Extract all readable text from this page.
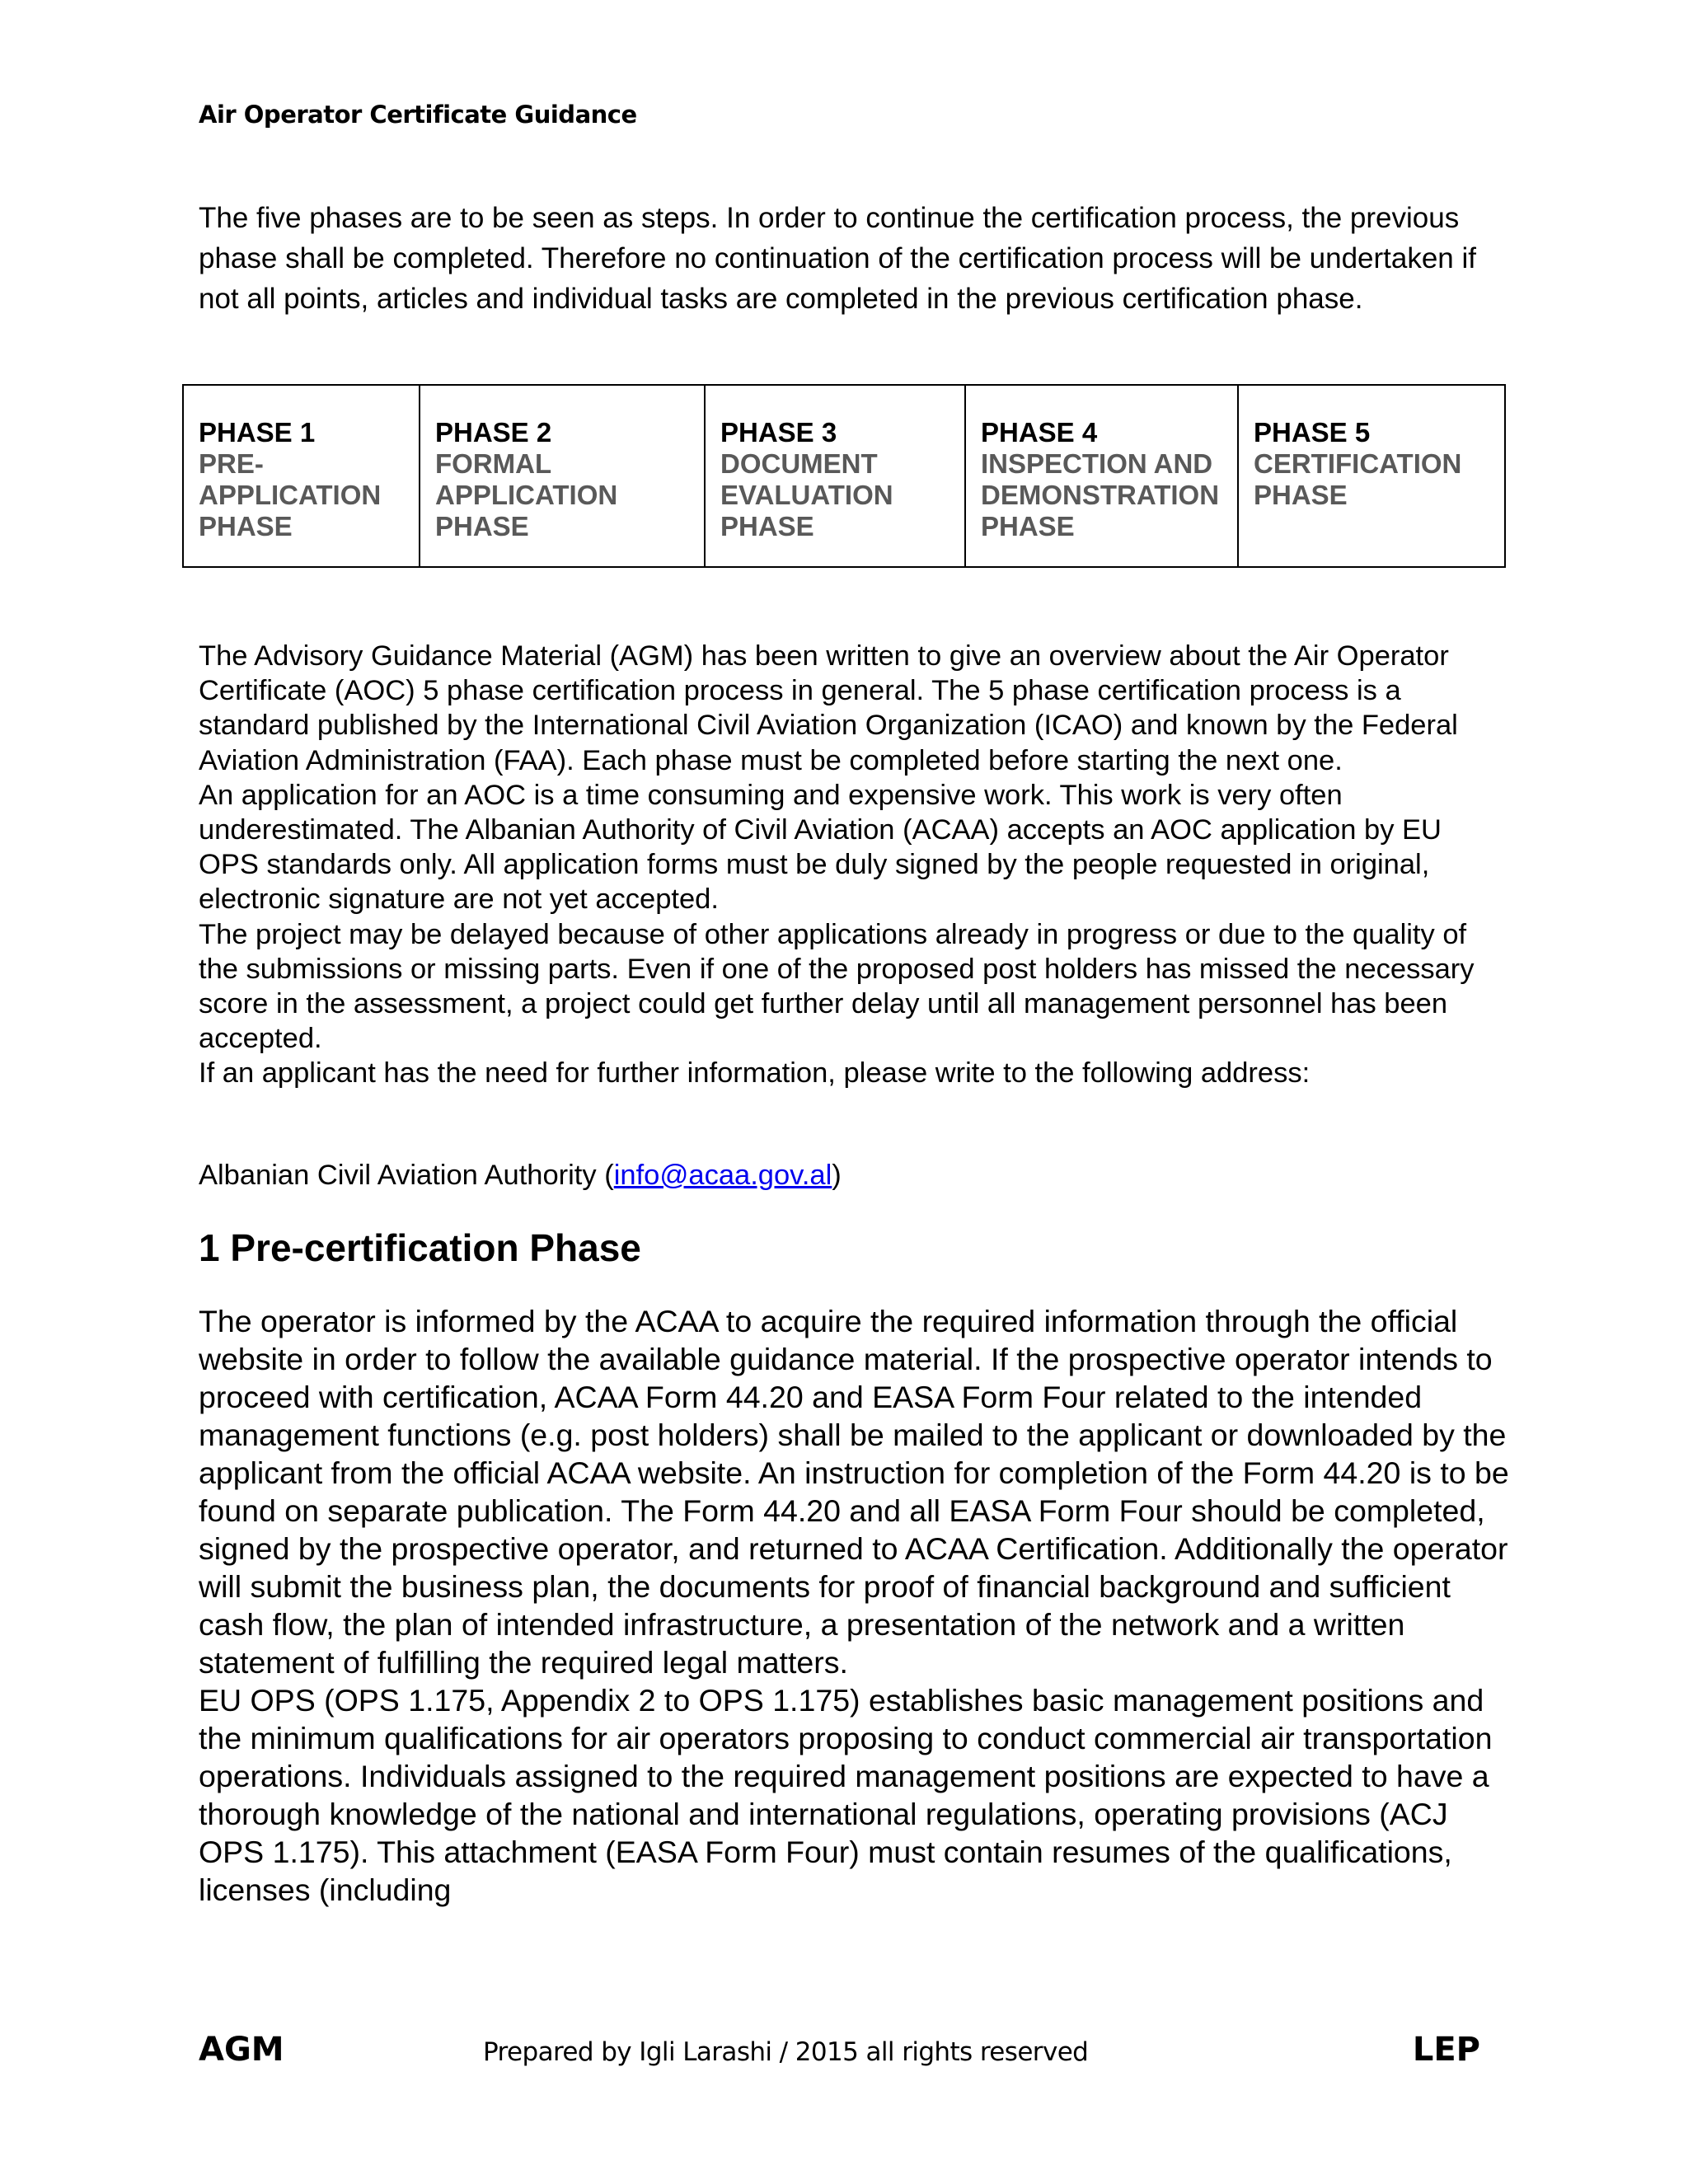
Air Operator Certificate Guidance

The five phases are to be seen as steps. In order to continue the certification process, the previous phase shall be completed. Therefore no continuation of the certification process will be undertaken if not all points, articles and individual tasks are completed in the previous certification phase.

PHASE 1
PRE-
APPLICATION
PHASE

PHASE 2
FORMAL APPLICATION PHASE

PHASE 3
DOCUMENT EVALUATION PHASE

PHASE 4
INSPECTION AND DEMONSTRATION PHASE

PHASE 5
CERTIFICATION PHASE

The Advisory Guidance Material (AGM) has been written to give an overview about the Air Operator Certificate (AOC) 5 phase certification process in general. The 5 phase certification process is a standard published by the International Civil Aviation Organization (ICAO) and known by the Federal Aviation Administration (FAA). Each phase must be completed before starting the next one.

An application for an AOC is a time consuming and expensive work. This work is very often underestimated. The Albanian Authority of Civil Aviation (ACAA) accepts an AOC application by EU OPS standards only. All application forms must be duly signed by the people requested in original, electronic signature are not yet accepted.

The project may be delayed because of other applications already in progress or due to the quality of the submissions or missing parts. Even if one of the proposed post holders has missed the necessary score in the assessment, a project could get further delay until all management personnel has been accepted.

If an applicant has the need for further information, please write to the following address:

Albanian Civil Aviation Authority (info@acaa.gov.al)

1 Pre-certification Phase

The operator is informed by the ACAA to acquire the required information through the official website in order to follow the available guidance material. If the prospective operator intends to proceed with certification, ACAA Form 44.20 and EASA Form Four related to the intended management functions (e.g. post holders) shall be mailed to the applicant or downloaded by the applicant from the official ACAA website. An instruction for completion of the Form 44.20 is to be found on separate publication. The Form 44.20 and all EASA Form Four should be completed, signed by the prospective operator, and returned to ACAA Certification. Additionally the operator will submit the business plan, the documents for proof of financial background and sufficient cash flow, the plan of intended infrastructure, a presentation of the network and a written statement of fulfilling the required legal matters.

EU OPS (OPS 1.175, Appendix 2 to OPS 1.175) establishes basic management positions and the minimum qualifications for air operators proposing to conduct commercial air transportation operations. Individuals assigned to the required management positions are expected to have a thorough knowledge of the national and international regulations, operating provisions (ACJ OPS 1.175). This attachment (EASA Form Four) must contain resumes of the qualifications, licenses (including

AGM	Prepared by Igli Larashi / 2015 all rights reserved	LEP
